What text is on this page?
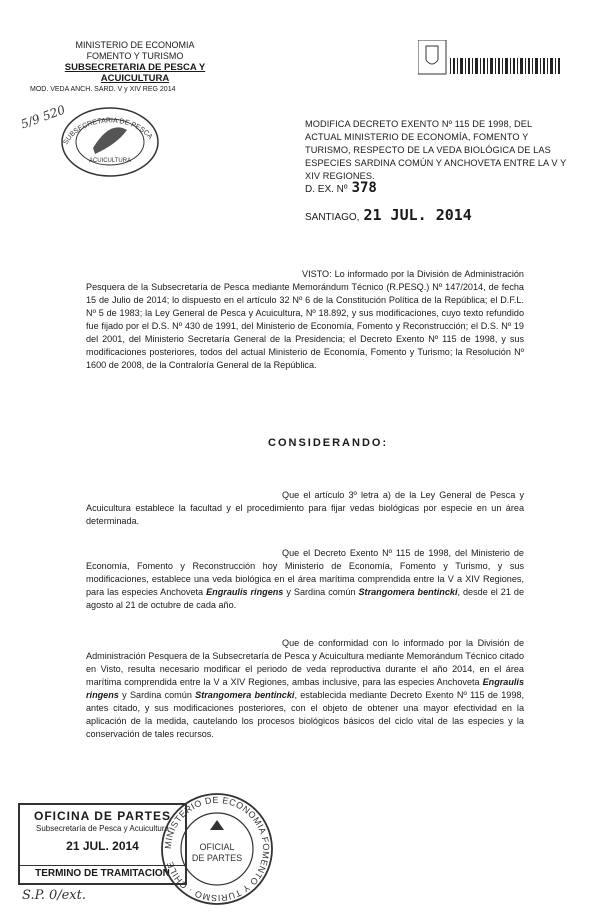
MINISTERIO DE ECONOMIA
FOMENTO Y TURISMO
SUBSECRETARIA DE PESCA Y ACUICULTURA
MOD. VEDA ANCH. SARD. V y XIV REG 2014
SUBSECRETARIA DE PESCA
ACUICULTURA
5/9 520	MODIFICA DECRETO EXENTO Nº 115 DE 1998, DEL ACTUAL MINISTERIO DE ECONOMÍA, FOMENTO Y TURISMO, RESPECTO DE LA VEDA BIOLÓGICA DE LAS ESPECIES SARDINA COMÚN Y ANCHOVETA ENTRE LA V Y XIV REGIONES.
D. EX. Nº 378
SANTIAGO, 21 JUL. 2014
VISTO: Lo informado por la División de Administración Pesquera de la Subsecretaría de Pesca mediante Memorándum Técnico (R.PESQ.) Nº 147/2014, de fecha 15 de Julio de 2014; lo dispuesto en el artículo 32 Nº 6 de la Constitución Política de la República; el D.F.L. Nº 5 de 1983; la Ley General de Pesca y Acuicultura, Nº 18.892, y sus modificaciones, cuyo texto refundido fue fijado por el D.S. Nº 430 de 1991, del Ministerio de Economía, Fomento y Reconstrucción; el D.S. Nº 19 del 2001, del Ministerio Secretaría General de la Presidencia; el Decreto Exento Nº 115 de 1998, y sus modificaciones posteriores, todos del actual Ministerio de Economía, Fomento y Turismo; la Resolución Nº 1600 de 2008, de la Contraloría General de la República.
CONSIDERANDO:
Que el artículo 3º letra a) de la Ley General de Pesca y Acuicultura establece la facultad y el procedimiento para fijar vedas biológicas por especie en un área determinada.
Que el Decreto Exento Nº 115 de 1998, del Ministerio de Economía, Fomento y Reconstrucción hoy Ministerio de Economía, Fomento y Turismo, y sus modificaciones, establece una veda biológica en el área marítima comprendida entre la V a XIV Regiones, para las especies Anchoveta Engraulis ringens y Sardina común Strangomera bentincki, desde el 21 de agosto al 21 de octubre de cada año.
Que de conformidad con lo informado por la División de Administración Pesquera de la Subsecretaría de Pesca y Acuicultura mediante Memorándum Técnico citado en Visto, resulta necesario modificar el periodo de veda reproductiva durante el año 2014, en el área marítima comprendida entre la V a XIV Regiones, ambas inclusive, para las especies Anchoveta Engraulis ringens y Sardina común Strangomera bentincki, establecida mediante Decreto Exento Nº 115 de 1998, antes citado, y sus modificaciones posteriores, con el objeto de obtener una mayor efectividad en la aplicación de la medida, cautelando los procesos biológicos básicos del ciclo vital de las especies y la conservación de tales recursos.
OFICINA DE PARTES
Subsecretaría de Pesca y Acuicultura
21 JUL. 2014
TERMINO DE TRAMITACION
MINISTERIO DE ECONOMIA FOMENTO Y TURISMO · CHILE
OFICIAL
DE PARTES
S.P. 0/ext.
